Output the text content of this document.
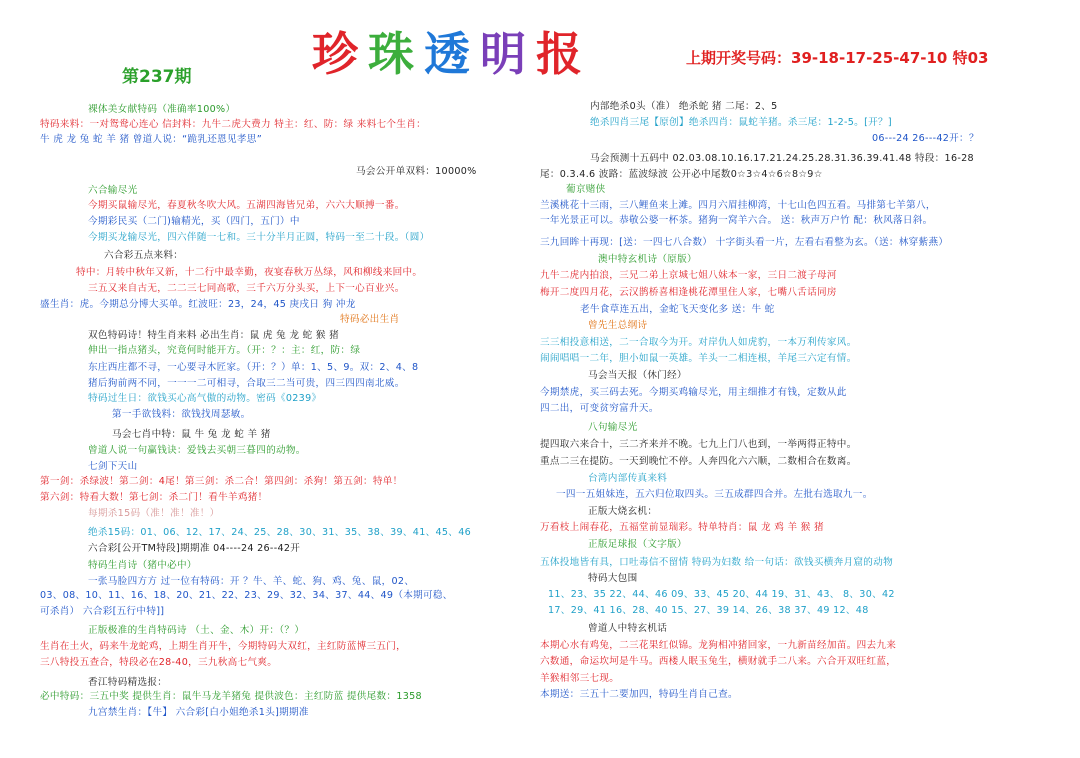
珍 珠 透 明 报
第237期
上期开奖号码：39-18-17-25-47-10 特03
裸体美女献特码（准确率100%）
特码来料：一对鸳鸯心连心 信封料：九牛二虎大费力 特主：红、防：绿 来料七个生肖：
牛 虎 龙 兔 蛇 羊 猪 曾道人说：“跪乳还恩见孝思”
马会公开单双料：10000%
六合输尽光
今期买鼠输尽光，春夏秋冬吹大风。五湖四海皆兄弟，六六大顺搏一番。
今期彩民买（二门)输精光，买（四门，五门）中
今期买龙输尽光，四六伴随一七和。三十分半月正圆，特码一至二十段。（圆）
六合彩五点来料：
特中：月转中秋年又新，十二行中最幸勤，夜宴春秋万丛绿，风和柳线来回中。
三五又来自古无，二二三七同高歌，三千六万分头买，上下一心百业兴。
盛生肖：虎。今期总分博大买单。红波旺：23，24，45 庚戌日 狗 冲龙
特码必出生肖
双色特码诗！特生肖来料 必出生肖：鼠 虎 兔 龙 蛇 猴 猪
伸出一指点猪头，究竟何时能开方。（开：？：主：红，防：绿
东庄西庄都不寻，一心要寻木匠家。（开：？）单：1、5、9。双：2、4、8
猪后狗前两不同，一一一二可相寻，合取三二当可贵，四三四四南北威。
特码过生日：欲钱买心高气傲的动物。密码《0239》
第一手欲钱料：欲钱找周瑟敏。
马会七肖中特：鼠 牛 兔 龙 蛇 羊 猪
曾道人说一句赢钱诀：爱钱去买朝三暮四的动物。
七剑下天山
第一剑：杀绿波！第二剑：4尾！第三剑：杀二合！第四剑：杀狗！第五剑：特单！
第六剑：特看大数！第七剑：杀二门！看牛羊鸡猪！
每期杀15码（准！准！准！）
绝杀15码：01、06、12、17、24、25、28、30、31、35、38、39、41、45、46
六合彩[公开TM特段]期期准 04----24 26--42开
特码生肖诗（猪中必中）
一张马脸四方方 过一位有特码：开 ？牛、羊、蛇、狗、鸡、兔、鼠，02、
03、08、10、11、16、18、20、21、22、23、29、32、34、37、44、49（本期可稳、
可杀肖） 六合彩[五行中特]]
正版极准的生肖特码诗 （土、金、木）开：（？）
生肖在土火，码来牛龙蛇鸡，上期生肖开牛，今期特码大双红，主红防蓝博三五门，
三八特投五查合，特段必在28-40，三九秋高七气爽。
香江特码精选报：
必中特码：三五中奖 提供生肖：鼠牛马龙羊猪兔 提供波色：主红防蓝 提供尾数：1358
九宫禁生肖：【牛】 六合彩[白小姐绝杀1头]期期准
内部绝杀0头（准） 绝杀蛇 猪 二尾：2、5
绝杀四肖三尾【原创】绝杀四肖：鼠蛇羊猪。杀三尾：1-2-5。[开？]
06---24 26---42开：？
马会预测十五码中 02.03.08.10.16.17.21.24.25.28.31.36.39.41.48 特段：16-28
尾：0.3.4.6 波路：蓝波绿波 公开必中尾数0☆3☆4☆6☆8☆9☆
葡京赌侠
兰溪桃花十三雨，三八鲤鱼来上滩。四月六眉挂柳湾，十七山色四五看。马排第七羊第八，
一年光景正可以。恭敬公婆一杯茶。猪狗一窝羊六合。 送：秋声万户竹 配：秋风落日斜。
三九回眸十再现：[送：一四七八合数） 十字街头看一片，左看右看整为玄。（送：林穿紫燕）
澳中特玄机诗（原版）
九牛二虎内拍浪，三兄二弟上京城七姐八妹本一家，三日二渡子母河
梅开二度四月花，云汉鹊桥喜相逢桃花潭里住人家，七嘴八舌话同房
老牛食草连五出，金蛇飞天变化多 送：牛 蛇
曾先生总纲诗
三三相投意相送，二一合取今为开。对岸仇人如虎豹，一本万利传家风。
闹闹唱唱一二年，胆小如鼠一英雄。羊头一二相连根，羊尾三六定有情。
马会当天报（休门经）
今期禁虎，买三码去死。今期买鸡输尽光，用主细推才有钱，定数从此
四二出，可变贫穷富升天。
八句输尽光
提四取六来合十，三二齐来并不晚。七九上门八也到，一举两得正特中。
重点二三在提防。一天到晚忙不停。人奔四化六六顺，二数相合在数离。
台湾内部传真来料
一四一五姐妹连，五六归位取四头。三五成群四合并。左批右选取九一。
正版大烧玄机：
万看枝上闹春花，五福堂前显瑞彩。特单特肖：鼠 龙 鸡 羊 猴 猪
正版足球报（文字版）
五体投地皆有具，口吐毒信不留情 特码为妇数 给一句话：欲钱买横奔月窟的动物
特码大包围
11、23、35 22、44、46 09、33、45 20、44 19、31、43、 8、30、42
17、29、41 16、28、40 15、27、39 14、26、38 37、49 12、48
曾道人中特玄机话
本期心水有鸡兔，二三花果红似锦。龙狗相冲猪回家，一九新苗经加苗。四去九来
六数通，命运坎坷是牛马。西楼人眠玉兔生，横财就手二八来。六合开双旺红蓝，
羊猴相邻三七现。
本期送：三五十二要加四，特码生肖自己查。
